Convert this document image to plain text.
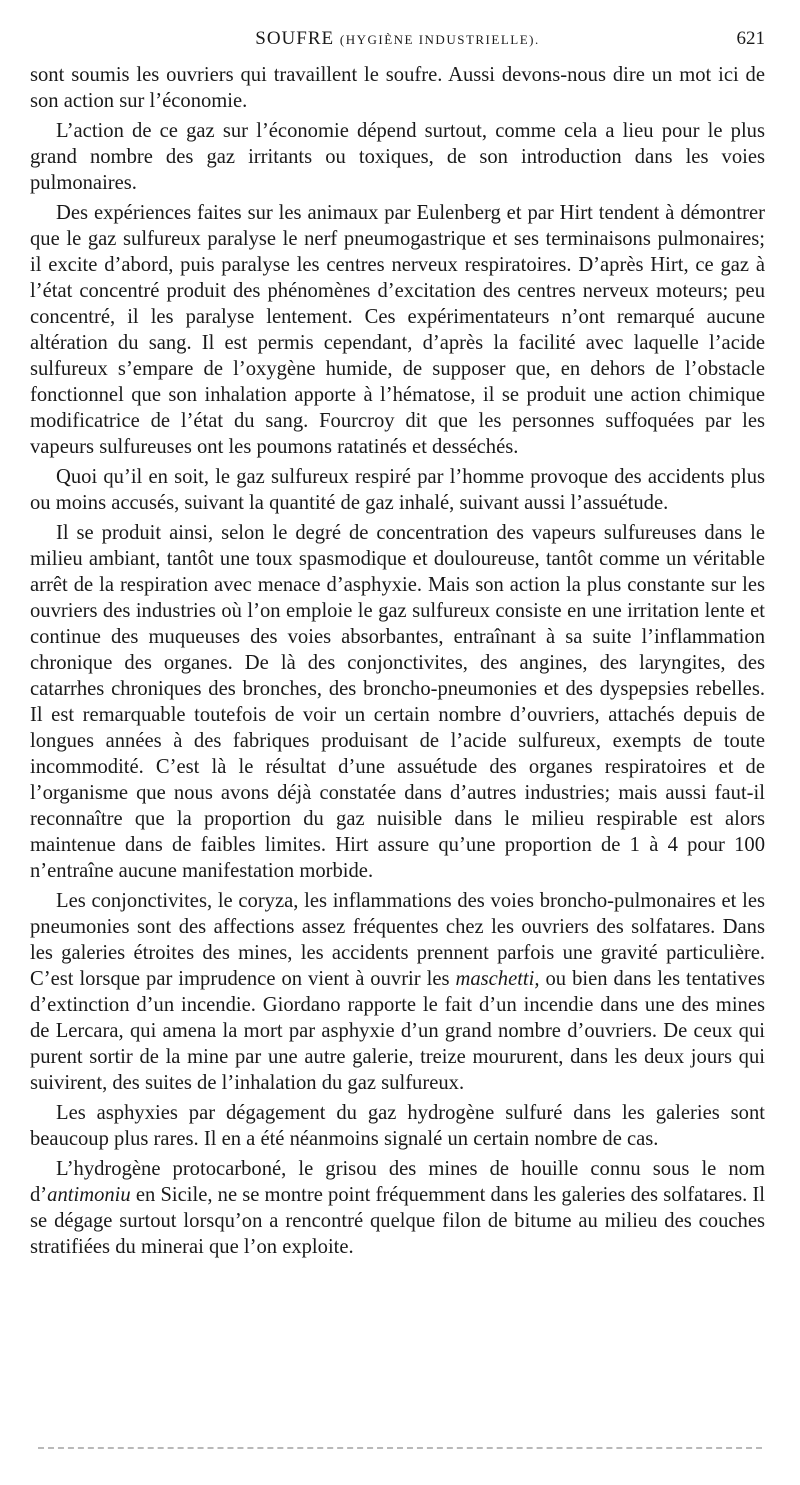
SOUFRE (HYGIÈNE INDUSTRIELLE).	621

sont soumis les ouvriers qui travaillent le soufre. Aussi devons-nous dire un mot ici de son action sur l’économie.

L’action de ce gaz sur l’économie dépend surtout, comme cela a lieu pour le plus grand nombre des gaz irritants ou toxiques, de son introduction dans les voies pulmonaires.

Des expériences faites sur les animaux par Eulenberg et par Hirt tendent à démontrer que le gaz sulfureux paralyse le nerf pneumogastrique et ses terminaisons pulmonaires; il excite d’abord, puis paralyse les centres nerveux respiratoires. D’après Hirt, ce gaz à l’état concentré produit des phénomènes d’excitation des centres nerveux moteurs; peu concentré, il les paralyse lentement. Ces expérimentateurs n’ont remarqué aucune altération du sang. Il est permis cependant, d’après la facilité avec laquelle l’acide sulfureux s’empare de l’oxygène humide, de supposer que, en dehors de l’obstacle fonctionnel que son inhalation apporte à l’hématose, il se produit une action chimique modificatrice de l’état du sang. Fourcroy dit que les personnes suffoquées par les vapeurs sulfureuses ont les poumons ratatinés et desséchés.

Quoi qu’il en soit, le gaz sulfureux respiré par l’homme provoque des accidents plus ou moins accusés, suivant la quantité de gaz inhalé, suivant aussi l’assuétude.

Il se produit ainsi, selon le degré de concentration des vapeurs sulfureuses dans le milieu ambiant, tantôt une toux spasmodique et douloureuse, tantôt comme un véritable arrêt de la respiration avec menace d’asphyxie. Mais son action la plus constante sur les ouvriers des industries où l’on emploie le gaz sulfureux consiste en une irritation lente et continue des muqueuses des voies absorbantes, entraînant à sa suite l’inflammation chronique des organes. De là des conjonctivites, des angines, des laryngites, des catarrhes chroniques des bronches, des broncho-pneumonies et des dyspepsies rebelles. Il est remarquable toutefois de voir un certain nombre d’ouvriers, attachés depuis de longues années à des fabriques produisant de l’acide sulfureux, exempts de toute incommodité. C’est là le résultat d’une assuétude des organes respiratoires et de l’organisme que nous avons déjà constatée dans d’autres industries; mais aussi faut-il reconnaître que la proportion du gaz nuisible dans le milieu respirable est alors maintenue dans de faibles limites. Hirt assure qu’une proportion de 1 à 4 pour 100 n’entraîne aucune manifestation morbide.

Les conjonctivites, le coryza, les inflammations des voies broncho-pulmonaires et les pneumonies sont des affections assez fréquentes chez les ouvriers des solfatares. Dans les galeries étroites des mines, les accidents prennent parfois une gravité particulière. C’est lorsque par imprudence on vient à ouvrir les maschetti, ou bien dans les tentatives d’extinction d’un incendie. Giordano rapporte le fait d’un incendie dans une des mines de Lercara, qui amena la mort par asphyxie d’un grand nombre d’ouvriers. De ceux qui purent sortir de la mine par une autre galerie, treize moururent, dans les deux jours qui suivirent, des suites de l’inhalation du gaz sulfureux.

Les asphyxies par dégagement du gaz hydrogène sulfuré dans les galeries sont beaucoup plus rares. Il en a été néanmoins signalé un certain nombre de cas.

L’hydrogène protocarboné, le grisou des mines de houille connu sous le nom d’antimoniu en Sicile, ne se montre point fréquemment dans les galeries des solfatares. Il se dégage surtout lorsqu’on a rencontré quelque filon de bitume au milieu des couches stratifiées du minerai que l’on exploite.
